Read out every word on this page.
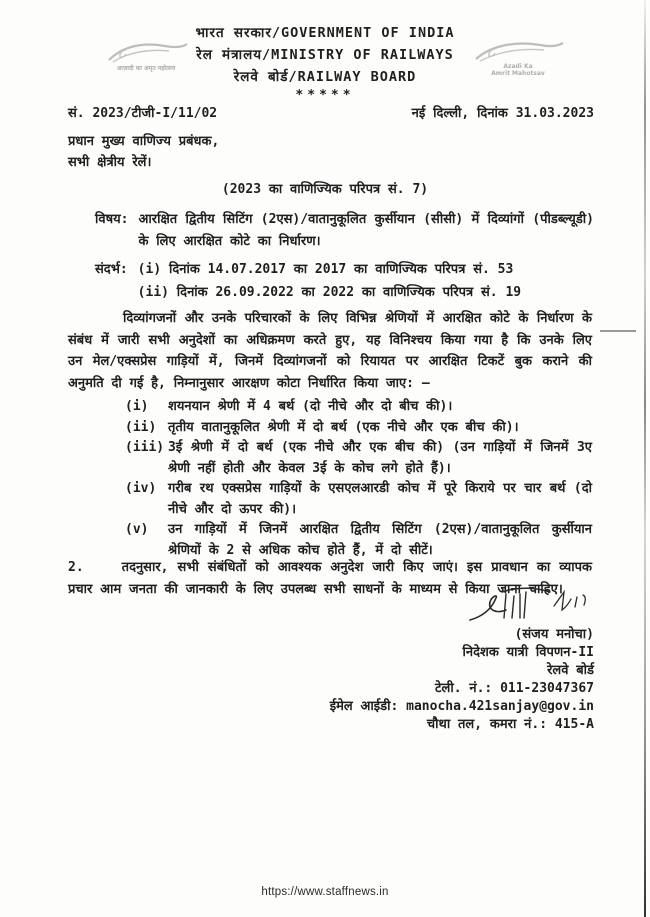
भारत सरकार/GOVERNMENT OF INDIA
रेल मंत्रालय/MINISTRY OF RAILWAYS
रेलवे बोर्ड/RAILWAY BOARD
*****
आज़ादी का अमृत महोत्सव	Azadi Ka
Amrit Mahotsav
सं. 2023/टीजी-I/11/02	नई दिल्ली, दिनांक 31.03.2023
प्रधान मुख्य वाणिज्य प्रबंधक,
सभी क्षेत्रीय रेलें।
(2023 का वाणिज्यिक परिपत्र सं. 7)
विषय: आरक्षित द्वितीय सिटिंग (2एस)/वातानुकूलित कुर्सीयान (सीसी) में दिव्यांगों (पीडब्ल्यूडी) के लिए आरक्षित कोटे का निर्धारण।
संदर्भ: (i) दिनांक 14.07.2017 का 2017 का वाणिज्यिक परिपत्र सं. 53
(ii) दिनांक 26.09.2022 का 2022 का वाणिज्यिक परिपत्र सं. 19

दिव्यांगजनों और उनके परिचारकों के लिए विभिन्न श्रेणियों में आरक्षित कोटे के निर्धारण के संबंध में जारी सभी अनुदेशों का अधिक्रमण करते हुए, यह विनिश्चय किया गया है कि उनके लिए उन मेल/एक्सप्रेस गाड़ियों में, जिनमें दिव्यांगजनों को रियायत पर आरक्षित टिकटें बुक कराने की अनुमति दी गई है, निम्नानुसार आरक्षण कोटा निर्धारित किया जाए: –

(i) शयनयान श्रेणी में 4 बर्थ (दो नीचे और दो बीच की)।
(ii) तृतीय वातानुकूलित श्रेणी में दो बर्थ (एक नीचे और एक बीच की)।
(iii) 3ई श्रेणी में दो बर्थ (एक नीचे और एक बीच की) (उन गाड़ियों में जिनमें 3ए श्रेणी नहीं होती और केवल 3ई के कोच लगे होते हैं)।
(iv) गरीब रथ एक्सप्रेस गाड़ियों के एसएलआरडी कोच में पूरे किराये पर चार बर्थ (दो नीचे और दो ऊपर की)।
(v) उन गाड़ियों में जिनमें आरक्षित द्वितीय सिटिंग (2एस)/वातानुकूलित कुर्सीयान श्रेणियों के 2 से अधिक कोच होते हैं, में दो सीटें।

2.	तदनुसार, सभी संबंधितों को आवश्यक अनुदेश जारी किए जाएं। इस प्रावधान का व्यापक प्रचार आम जनता की जानकारी के लिए उपलब्ध सभी साधनों के माध्यम से किया जाना चाहिए।

(संजय मनोचा)
निदेशक यात्री विपणन-II
रेलवे बोर्ड
टेली. नं.: 011-23047367
ईमेल आईडी: manocha.421sanjay@gov.in
चौथा तल, कमरा नं.: 415-A
https://www.staffnews.in
